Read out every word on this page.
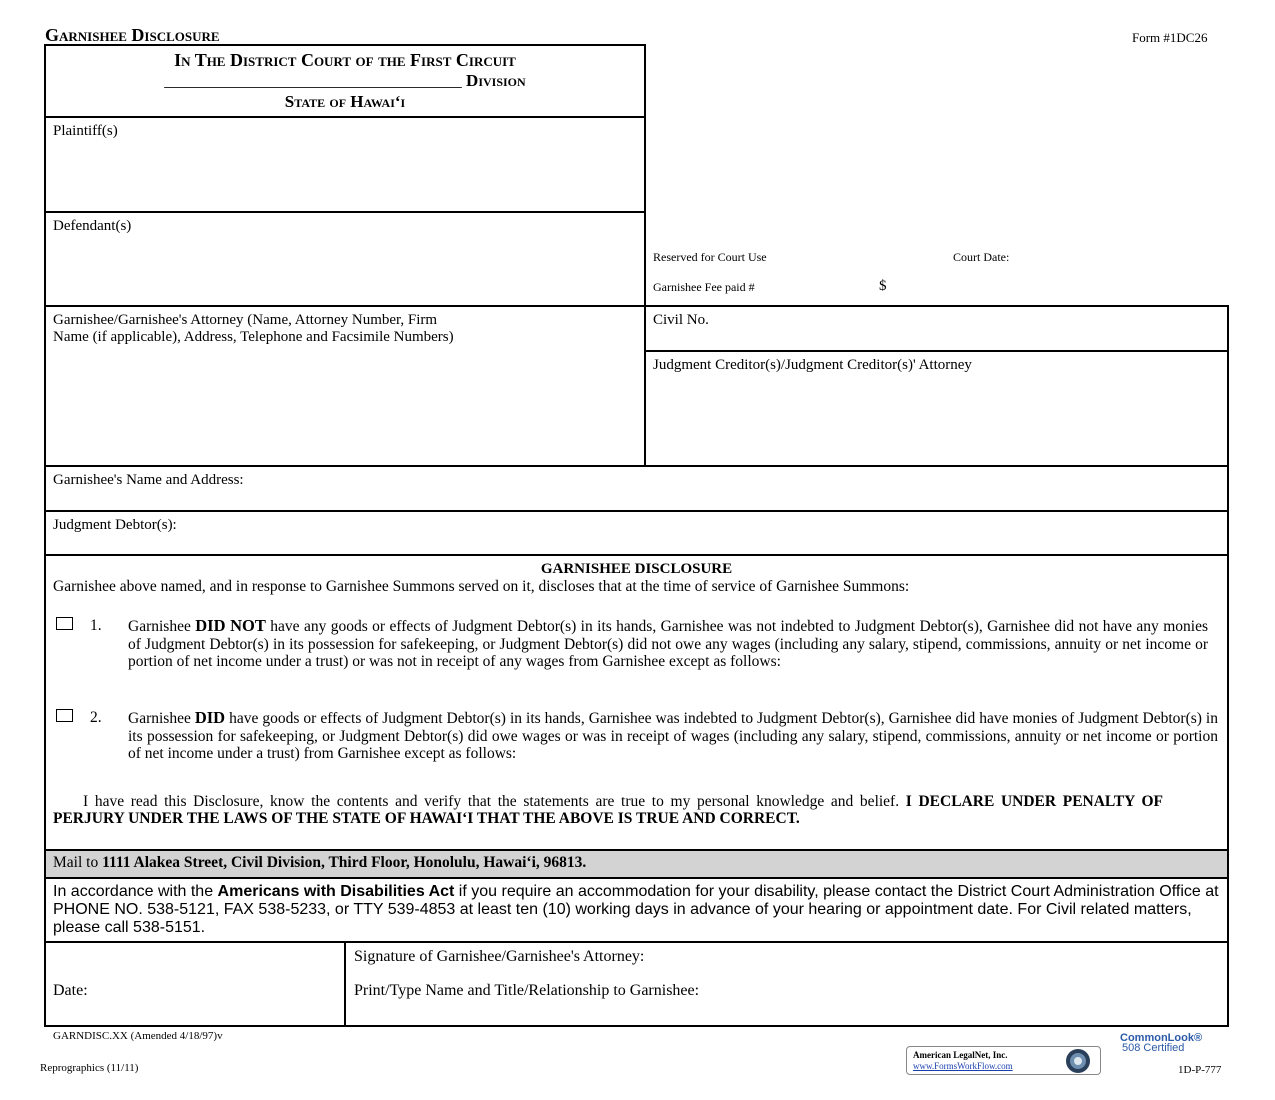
Garnishee Disclosure	Form #1DC26
In The District Court of the First Circuit
___________________________________ Division
State of Hawai‘i
Plaintiff(s)
Defendant(s)
Garnishee/Garnishee's Attorney (Name, Attorney Number, Firm
Name (if applicable), Address, Telephone and Facsimile Numbers)
Reserved for Court Use	Court Date:
Garnishee Fee paid #	$
Civil No.
Judgment Creditor(s)/Judgment Creditor(s)' Attorney
Garnishee's Name and Address:
Judgment Debtor(s):
GARNISHEE DISCLOSURE
Garnishee above named, and in response to Garnishee Summons served on it, discloses that at the time of service of Garnishee Summons:
1. Garnishee DID NOT have any goods or effects of Judgment Debtor(s) in its hands, Garnishee was not indebted to Judgment Debtor(s), Garnishee did not have any monies of Judgment Debtor(s) in its possession for safekeeping, or Judgment Debtor(s) did not owe any wages (including any salary, stipend, commissions, annuity or net income or portion of net income under a trust) or was not in receipt of any wages from Garnishee except as follows:
2. Garnishee DID have goods or effects of Judgment Debtor(s) in its hands, Garnishee was indebted to Judgment Debtor(s), Garnishee did have monies of Judgment Debtor(s) in its possession for safekeeping, or Judgment Debtor(s) did owe wages or was in receipt of wages (including any salary, stipend, commissions, annuity or net income or portion of net income under a trust) from Garnishee except as follows:
I have read this Disclosure, know the contents and verify that the statements are true to my personal knowledge and belief. I DECLARE UNDER PENALTY OF PERJURY UNDER THE LAWS OF THE STATE OF HAWAI‘I THAT THE ABOVE IS TRUE AND CORRECT.
Mail to 1111 Alakea Street, Civil Division, Third Floor, Honolulu, Hawai‘i, 96813.
In accordance with the Americans with Disabilities Act if you require an accommodation for your disability, please contact the District Court Administration Office at PHONE NO. 538-5121, FAX 538-5233, or TTY 539-4853 at least ten (10) working days in advance of your hearing or appointment date. For Civil related matters, please call 538-5151.
Date:
Signature of Garnishee/Garnishee's Attorney:
Print/Type Name and Title/Relationship to Garnishee:
GARNDISC.XX (Amended 4/18/97)v
Reprographics (11/11)
American LegalNet, Inc.
www.FormsWorkFlow.com
CommonLook®
508 Certified
1D-P-777
